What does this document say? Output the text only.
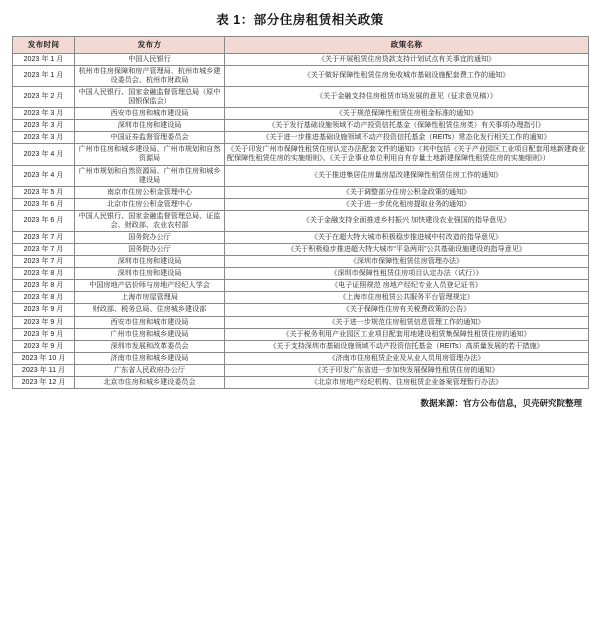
表 1：部分住房租赁相关政策
发布时间	发布方	政策名称
2023 年 1 月	中国人民银行	《关于开展租赁住房贷款支持计划试点有关事宜的通知》
2023 年 1 月	杭州市住房保障和房产管理局、杭州市城乡建设委员会、杭州市财政局	《关于做好保障性租赁住房免收城市基础设施配套费工作的通知》
2023 年 2 月	中国人民银行、国家金融监督管理总局（原中国银保监会）	《关于金融支持住房租赁市场发展的意见（征求意见稿）》
2023 年 3 月	西安市住房和城市建设局	《关于规范保障性租赁住房租金标准的通知》
2023 年 3 月	深圳市住房和建设局	《关于发行基础设施领域不动产投资信托基金（保障性租赁住房类）有关事项办理指引》
2023 年 3 月	中国证券监督管理委员会	《关于进一步推进基础设施领域不动产投资信托基金（REITs）常态化发行相关工作的通知》
2023 年 4 月	广州市住房和城乡建设局、广州市规划和自然资源局	《关于印发广州市保障性租赁住房认定办法配套文件的通知》（其中包括《关于产业园区工业项目配套用地新建商业配保障性租赁住房的实施细则》、《关于企事业单位利用自有存量土地新建保障性租赁住房的实施细则》）
2023 年 4 月	广州市规划和自然资源局、广州市住房和城乡建设局	《关于推进集居住房量房屋改建保障性租赁住房工作的通知》
2023 年 5 月	南京市住房公积金管理中心	《关于调整部分住房公积金政策的通知》
2023 年 6 月	北京市住房公积金管理中心	《关于进一步优化租房提取业务的通知》
2023 年 6 月	中国人民银行、国家金融监督管理总局、证监会、财政部、农业农村部	《关于金融支持全面推进乡村振兴 加快建设农业强国的指导意见》
2023 年 7 月	国务院办公厅	《关于在超大特大城市积极稳步推进城中村改造的指导意见》
2023 年 7 月	国务院办公厅	《关于积极稳步推进超大特大城市“平急两用”公共基础设施建设的指导意见》
2023 年 7 月	深圳市住房和建设局	《深圳市保障性租赁住房管理办法》
2023 年 8 月	深圳市住房和建设局	《深圳市保障性租赁住房项目认定办法（试行）》
2023 年 8 月	中国房地产估价师与房地产经纪人学会	《电子证照规范 房地产经纪专业人员登记证书》
2023 年 8 月	上海市房屋管理局	《上海市住房租赁公共服务平台管理规定》
2023 年 9 月	财政部、税务总局、住房城乡建设部	《关于保障性住房有关税费政策的公告》
2023 年 9 月	西安市住房和城市建设局	《关于进一步规范住房租赁信息管理工作的通知》
2023 年 9 月	广州市住房和城乡建设局	《关于税务利用产业园区工业项目配套用地建设租赁集保障性租赁住房的通知》
2023 年 9 月	深圳市发展和改革委员会	《关于支持深圳市基础设施领域不动产投资信托基金（REITs）高质量发展的若干措施》
2023 年 10 月	济南市住房和城乡建设局	《济南市住房租赁企业及从业人员用房管理办法》
2023 年 11 月	广东省人民政府办公厅	《关于印发广东省进一步加快发展保障性租赁住房的通知》
2023 年 12 月	北京市住房和城乡建设委员会	《北京市房地产经纪机构、住房租赁企业备案管理暂行办法》
数据来源：官方公布信息，贝壳研究院整理
